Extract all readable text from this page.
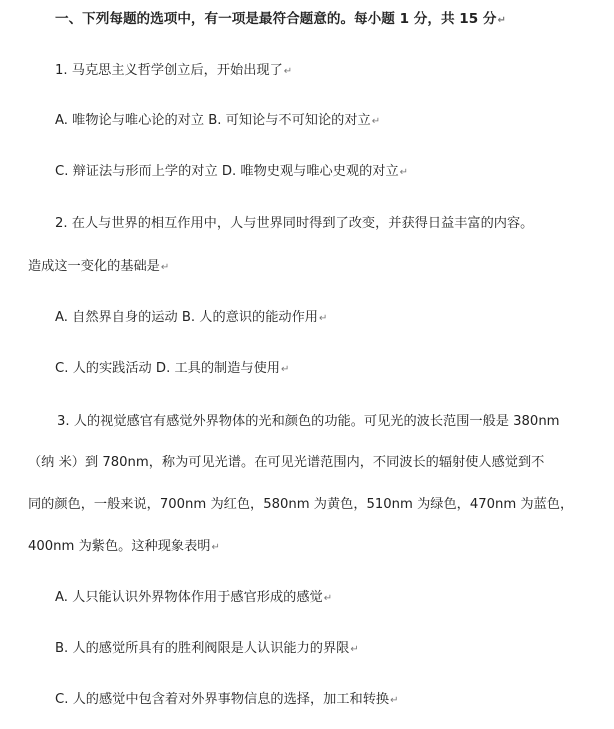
一、下列每题的选项中，有一项是最符合题意的。每小题 1 分，共 15 分↵
1. 马克思主义哲学创立后，开始出现了↵
A. 唯物论与唯心论的对立 B. 可知论与不可知论的对立↵
C. 辩证法与形而上学的对立 D. 唯物史观与唯心史观的对立↵
2. 在人与世界的相互作用中，人与世界同时得到了改变，并获得日益丰富的内容。
造成这一变化的基础是↵
A. 自然界自身的运动 B. 人的意识的能动作用↵
C. 人的实践活动 D. 工具的制造与使用↵
3. 人的视觉感官有感觉外界物体的光和颜色的功能。可见光的波长范围一般是 380nm
（纳 米）到 780nm，称为可见光谱。在可见光谱范围内，不同波长的辐射使人感觉到不
同的颜色，一般来说，700nm 为红色，580nm 为黄色，510nm 为绿色，470nm 为蓝色，
400nm 为紫色。这种现象表明↵
A. 人只能认识外界物体作用于感官形成的感觉↵
B. 人的感觉所具有的胜利阀限是人认识能力的界限↵
C. 人的感觉中包含着对外界事物信息的选择，加工和转换↵
